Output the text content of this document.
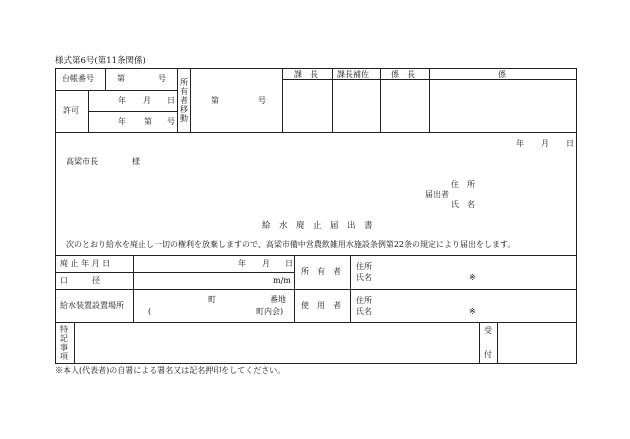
様式第6号(第11条関係)
台帳番号	第	号
許可
年 月 日
年 第 号
所有者移動
第	号
課　長 課長補佐	係　長	係
年 月 日
高梁市長	様
住　所
届出者
氏　名
給　水　廃　止　届　出　書
次のとおり給水を廃止し一切の権利を放棄しますので、高梁市備中営農飲雑用水施設条例第22条の規定により届出をします。
廃 止 年 月 日	年 月 日
口　　　径	m/m
所　有　者
住所
氏名	※
給水装置設置場所
町	番地
(	町内会)
使　用　者
住所
氏名	※
特記事項
受
付
※本人(代表者)の自署による署名又は記名押印をしてください。
